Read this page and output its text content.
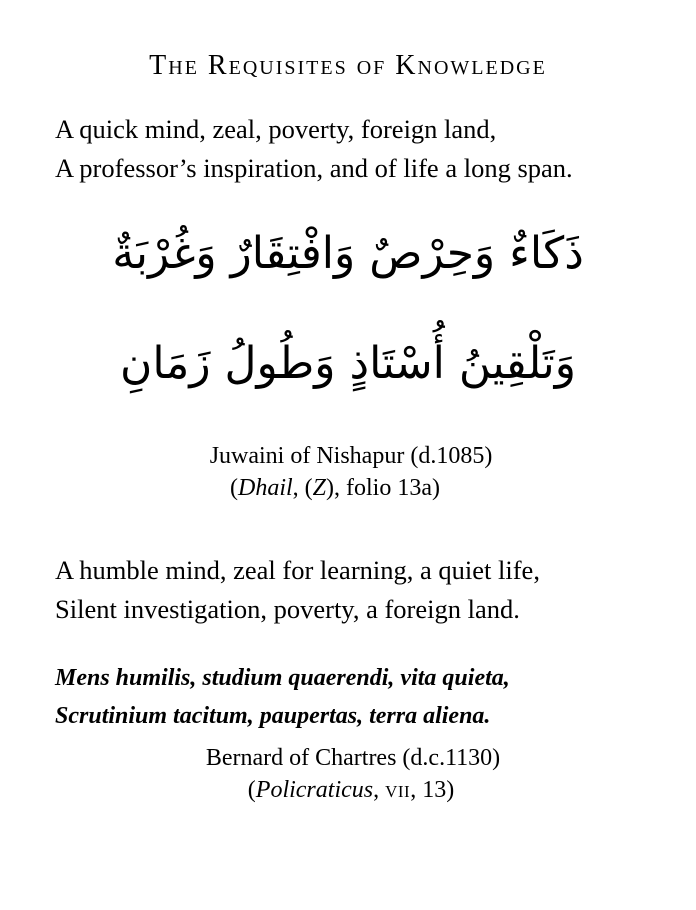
The Requisites of Knowledge
A quick mind, zeal, poverty, foreign land,
A professor’s inspiration, and of life a long span.
ذَكَاءٌ وَحِرْصٌ وَافْتِقَارٌ وَغُرْبَةٌ
وَتَلْقِينُ أُسْتَاذٍ وَطُولُ زَمَانِ
Juwaini of Nishapur (d.1085)
(Dhail, (Z), folio 13a)
A humble mind, zeal for learning, a quiet life,
Silent investigation, poverty, a foreign land.
Mens humilis, studium quaerendi, vita quieta,
Scrutinium tacitum, paupertas, terra aliena.
Bernard of Chartres (d.c.1130)
(Policraticus, vii, 13)
